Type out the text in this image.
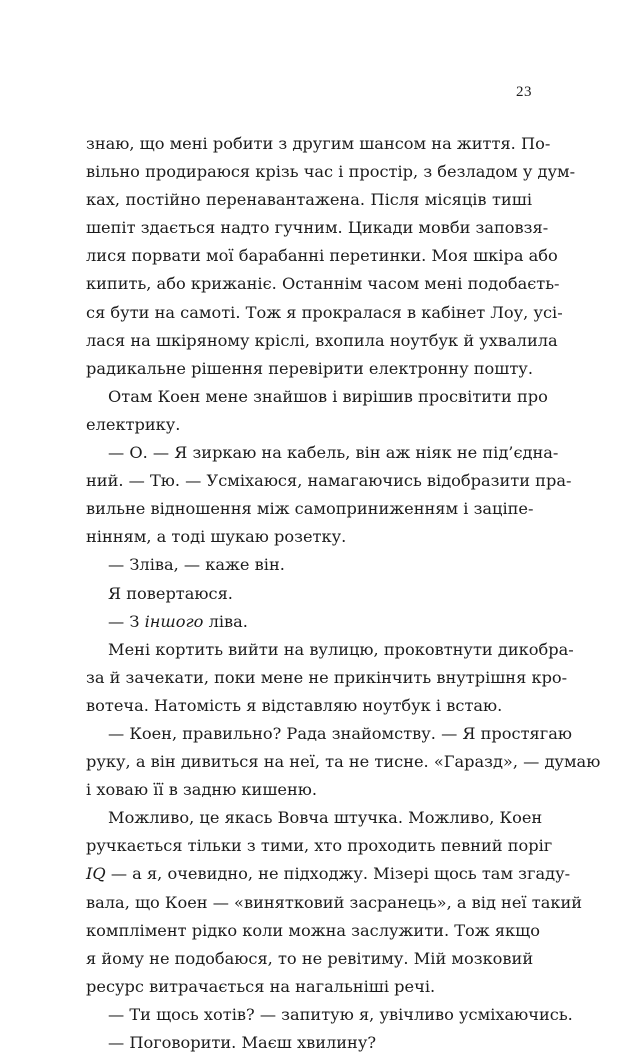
23
знаю, що мені робити з другим шансом на життя. По-
вільно продираюся крізь час і простір, з безладом у дум-
ках, постійно перенавантажена. Після місяців тиші
шепіт здається надто гучним. Цикади мовби заповзя-
лися порвати мої барабанні перетинки. Моя шкіра або
кипить, або крижаніє. Останнім часом мені подобаєть-
ся бути на самоті. Тож я прокралася в кабінет Лоу, усі-
лася на шкіряному кріслі, вхопила ноутбук й ухвалила
радикальне рішення перевірити електронну пошту.
Отам Коен мене знайшов і вирішив просвітити про
електрику.
— О. — Я зиркаю на кабель, він аж ніяк не під’єдна-
ний. — Тю. — Усміхаюся, намагаючись відобразити пра-
вильне відношення між самоприниженням і заціпе-
нінням, а тоді шукаю розетку.
— Зліва, — каже він.
Я повертаюся.
— З іншого ліва.
Мені кортить вийти на вулицю, проковтнути дикобра-
за й зачекати, поки мене не прикінчить внутрішня кро-
вотеча. Натомість я відставляю ноутбук і встаю.
— Коен, правильно? Рада знайомству. — Я простягаю
руку, а він дивиться на неї, та не тисне. «Гаразд», — думаю
і ховаю її в задню кишеню.
Можливо, це якась Вовча штучка. Можливо, Коен
ручкається тільки з тими, хто проходить певний поріг
IQ — а я, очевидно, не підходжу. Мізері щось там згаду-
вала, що Коен — «винятковий засранець», а від неї такий
комплімент рідко коли можна заслужити. Тож якщо
я йому не подобаюся, то не ревітиму. Мій мозковий
ресурс витрачається на нагальніші речі.
— Ти щось хотів? — запитую я, увічливо усміхаючись.
— Поговорити. Маєш хвилину?
